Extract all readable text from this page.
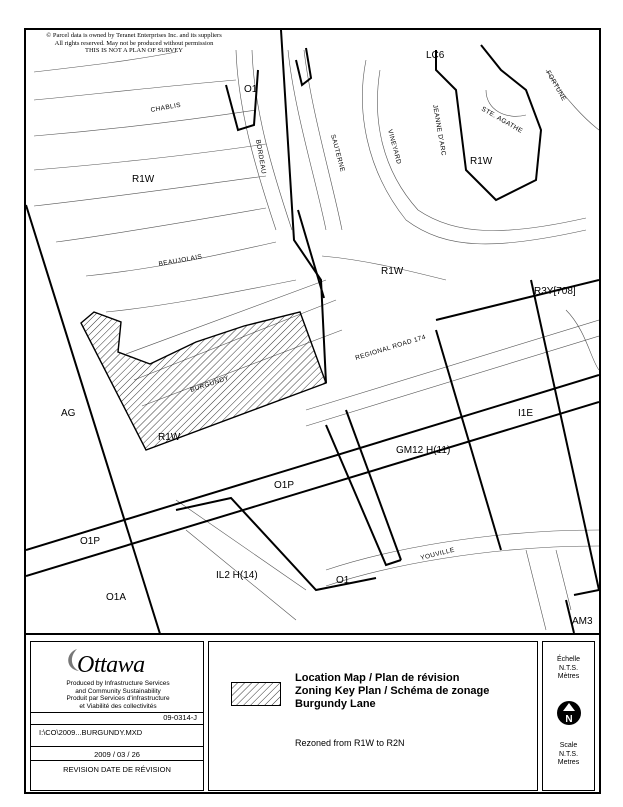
O1
LC6
R1W
R1W
R1W
R3Y[708]
AG
R1W
I1E
GM12 H(11)
O1P
O1P
IL2 H(14)
O1A
O1
AM3
CHABLIS
BORDEAU	SAUTERNE	VINEYARD	JEANNE D'ARC	STE. AGATHE
FORTUNE
BEAUJOLAIS
BURGUNDY
REGIONAL ROAD 174
YOUVILLE
© Parcel data is owned by Teranet Enterprises Inc. and its suppliers
All rights reserved. May not be produced without permission
THIS IS NOT A PLAN OF SURVEY
Ottawa
Produced by Infrastructure Services
and Community Sustainability
Produit par Services d'infrastructure
et Viabilité des collectivités
09-0314-J
I:\CO\2009...BURGUNDY.MXD
2009 / 03 / 26
REVISION DATE DE RÉVISION
Location Map / Plan de révision
Zoning Key Plan / Schéma de zonage
Burgundy Lane
Rezoned from R1W to R2N
Échelle
N.T.S.
Mètres
N
Scale
N.T.S.
Metres
